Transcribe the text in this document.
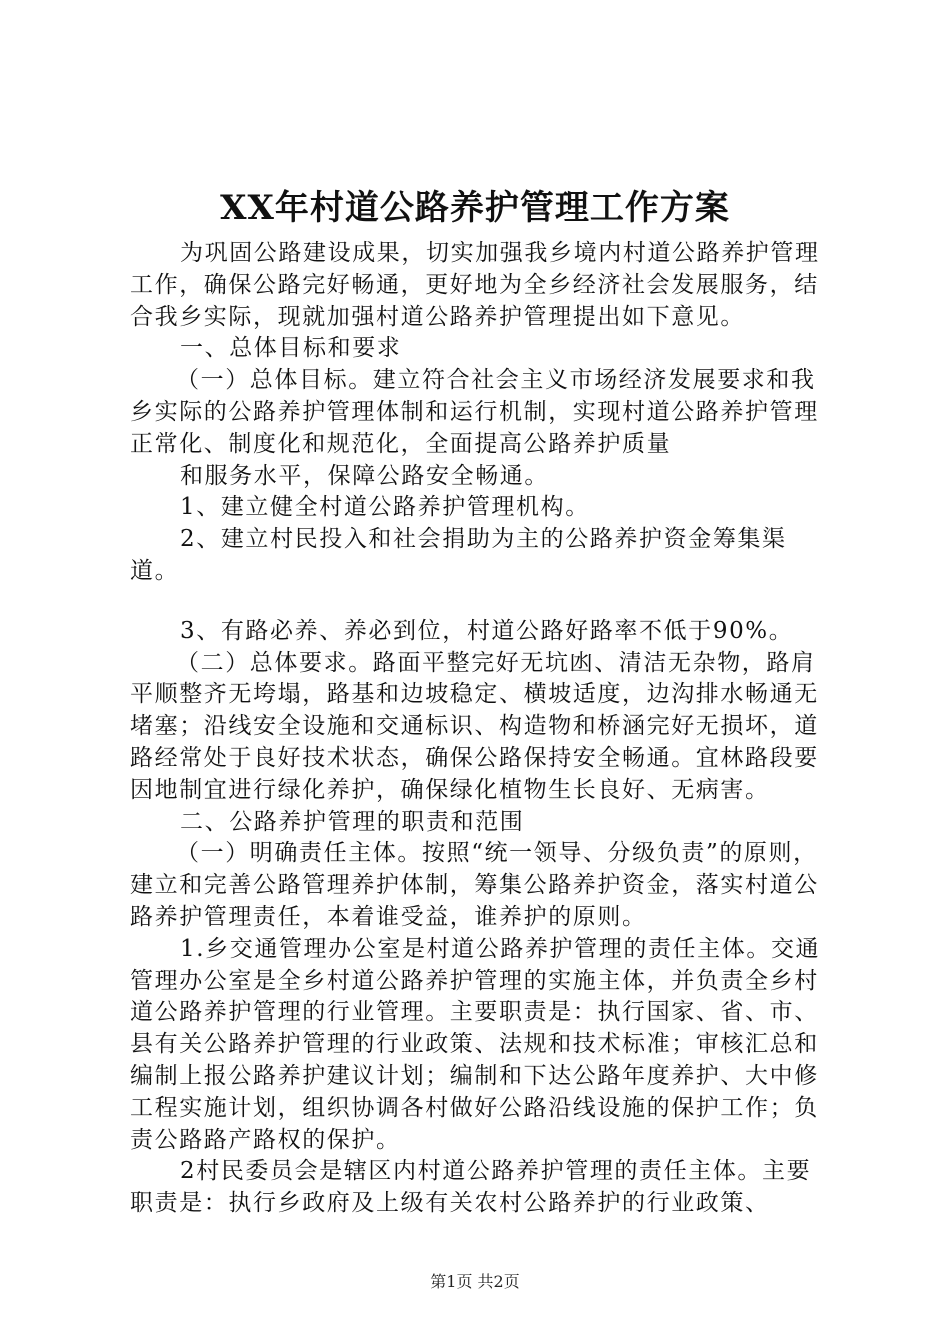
XX年村道公路养护管理工作方案

为巩固公路建设成果，切实加强我乡境内村道公路养护管理工作，确保公路完好畅通，更好地为全乡经济社会发展服务，结合我乡实际，现就加强村道公路养护管理提出如下意见。

一、总体目标和要求

（一）总体目标。建立符合社会主义市场经济发展要求和我乡实际的公路养护管理体制和运行机制，实现村道公路养护管理正常化、制度化和规范化，全面提高公路养护质量

和服务水平，保障公路安全畅通。

1、建立健全村道公路养护管理机构。

2、建立村民投入和社会捐助为主的公路养护资金筹集渠道。

3、有路必养、养必到位，村道公路好路率不低于90%。

（二）总体要求。路面平整完好无坑凼、清洁无杂物，路肩平顺整齐无垮塌，路基和边坡稳定、横坡适度，边沟排水畅通无堵塞；沿线安全设施和交通标识、构造物和桥涵完好无损坏，道路经常处于良好技术状态，确保公路保持安全畅通。宜林路段要因地制宜进行绿化养护，确保绿化植物生长良好、无病害。

二、公路养护管理的职责和范围

（一）明确责任主体。按照“统一领导、分级负责”的原则，建立和完善公路管理养护体制，筹集公路养护资金，落实村道公路养护管理责任，本着谁受益，谁养护的原则。

1.乡交通管理办公室是村道公路养护管理的责任主体。交通管理办公室是全乡村道公路养护管理的实施主体，并负责全乡村道公路养护管理的行业管理。主要职责是：执行国家、省、市、县有关公路养护管理的行业政策、法规和技术标准；审核汇总和编制上报公路养护建议计划；编制和下达公路年度养护、大中修工程实施计划，组织协调各村做好公路沿线设施的保护工作；负责公路路产路权的保护。

2村民委员会是辖区内村道公路养护管理的责任主体。主要职责是：执行乡政府及上级有关农村公路养护的行业政策、

第1页 共2页
